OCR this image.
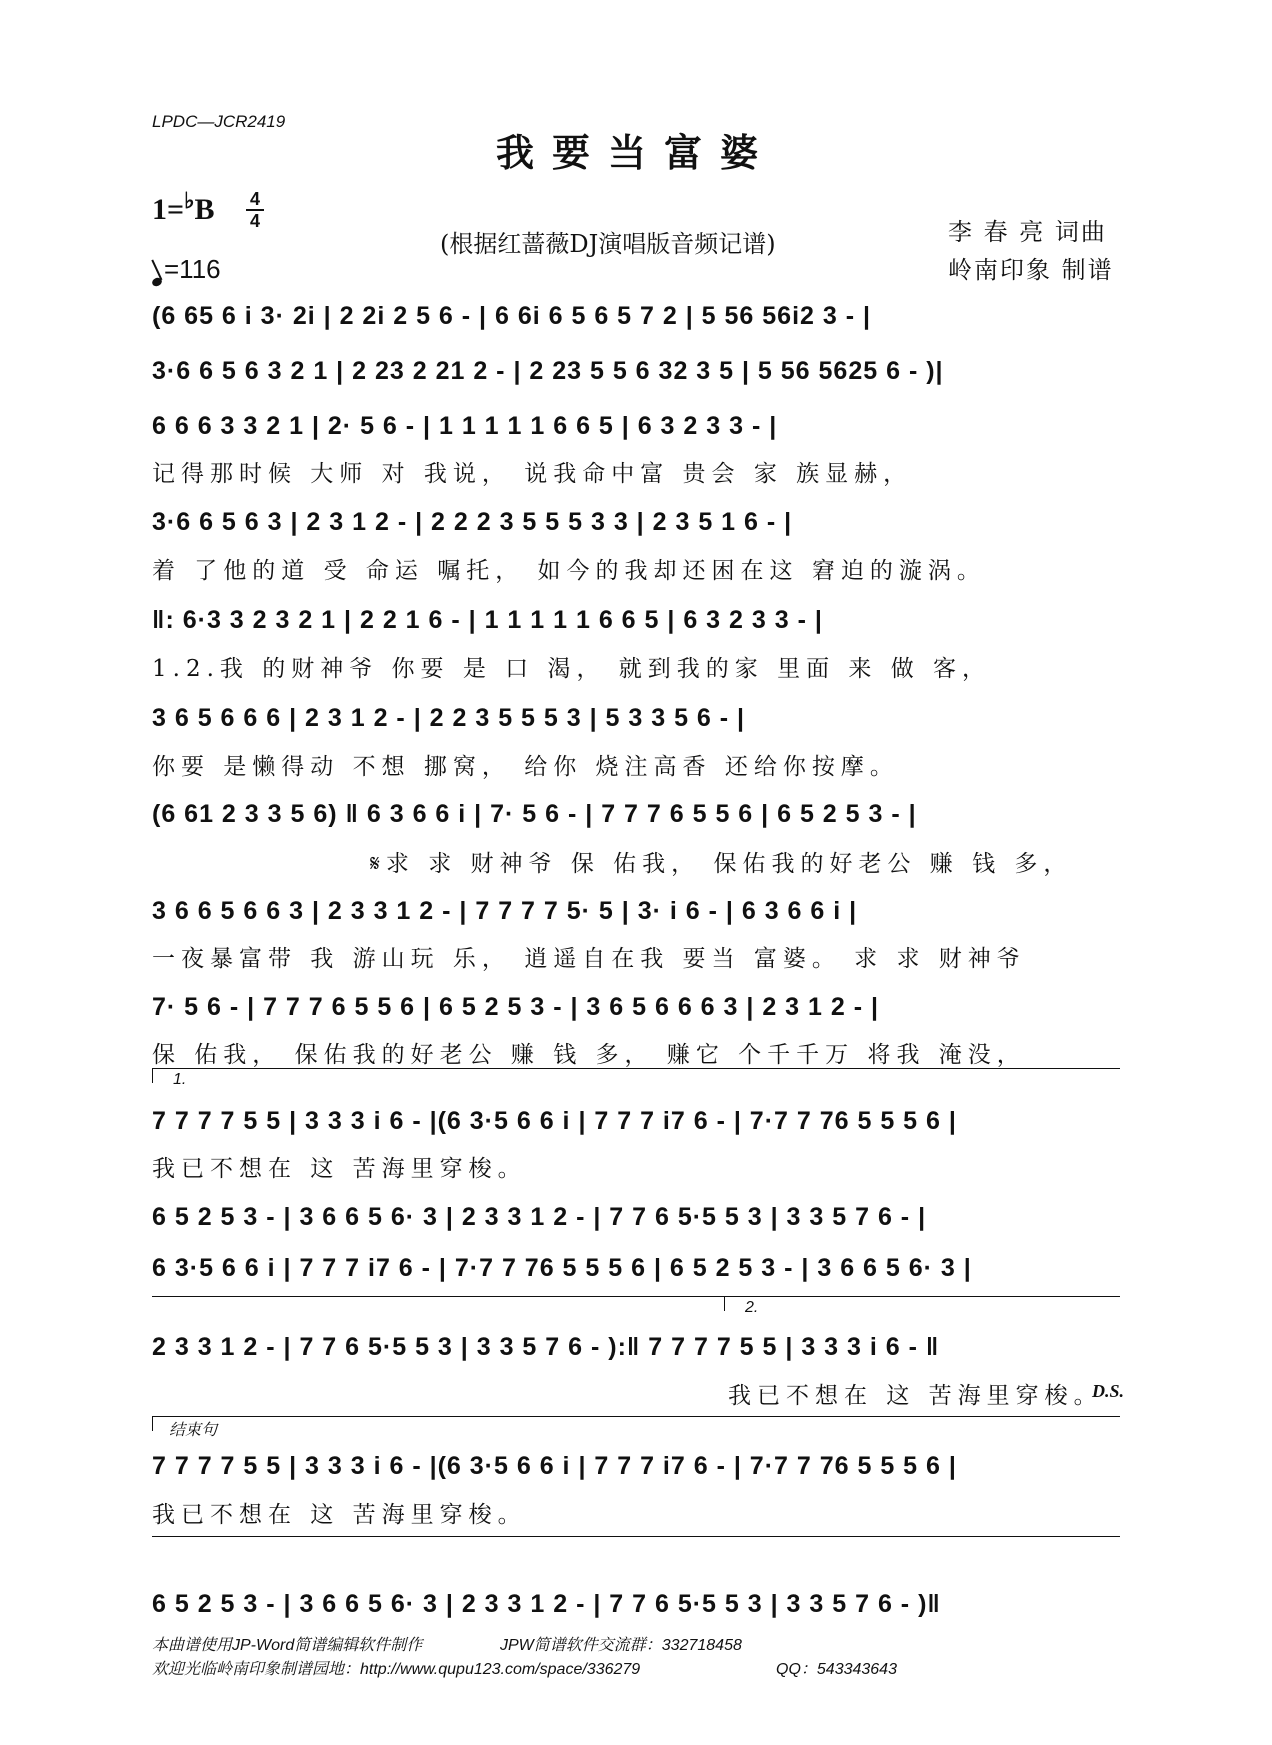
LPDC—JCR2419
我要当富婆
1=♭B 4
4
=116
(根据红蔷薇DJ演唱版音频记谱)	李 春 亮 词曲
岭南印象 制谱
(6 65 6 i 3· 2i | 2 2i 2 5 6 - | 6 6i 6 5 6 5 7 2 | 5 56 56i2 3 - |
3·6 6 5 6 3 2 1 | 2 23 2 21 2 - | 2 23 5 5 6 32 3 5 | 5 56 5625 6 - )|
6 6 6 3 3 2 1 | 2· 5 6 - | 1 1 1 1 1 6 6 5 | 6 3 2 3 3 - |
记得那时候 大师 对 我说， 说我命中富 贵会 家 族显赫，
3·6 6 5 6 3 | 2 3 1 2 - | 2 2 2 3 5 5 5 3 3 | 2 3 5 1 6 - |
着 了他的道 受 命运 嘱托， 如今的我却还困在这 窘迫的漩涡。
‖: 6·3 3 2 3 2 1 | 2 2 1 6 - | 1 1 1 1 1 6 6 5 | 6 3 2 3 3 - |
1.2.我 的财神爷 你要 是 口 渴， 就到我的家 里面 来 做 客，
3 6 5 6 6 6 | 2 3 1 2 - | 2 2 3 5 5 5 3 | 5 3 3 5 6 - |
你要 是懒得动 不想 挪窝， 给你 烧注高香 还给你按摩。
(6 61 2 3 3 5 6) ‖ 6 3 6 6 i | 7· 5 6 - | 7 7 7 6 5 5 6 | 6 5 2 5 3 - |
𝄋求 求 财神爷 保 佑我， 保佑我的好老公 赚 钱 多，
3 6 6 5 6 6 3 | 2 3 3 1 2 - | 7 7 7 7 5· 5 | 3· i 6 - | 6 3 6 6 i |
一夜暴富带 我 游山玩 乐， 逍遥自在我 要当 富婆。 求 求 财神爷
7· 5 6 - | 7 7 7 6 5 5 6 | 6 5 2 5 3 - | 3 6 5 6 6 6 3 | 2 3 1 2 - |
保 佑我， 保佑我的好老公 赚 钱 多， 赚它 个千千万 将我 淹没，
1.
7 7 7 7 5 5 | 3 3 3 i 6 - |(6 3·5 6 6 i | 7 7 7 i7 6 - | 7·7 7 76 5 5 5 6 |
我已不想在 这 苦海里穿梭。
6 5 2 5 3 - | 3 6 6 5 6· 3 | 2 3 3 1 2 - | 7 7 6 5·5 5 3 | 3 3 5 7 6 - |
6 3·5 6 6 i | 7 7 7 i7 6 - | 7·7 7 76 5 5 5 6 | 6 5 2 5 3 - | 3 6 6 5 6· 3 |
2.
2 3 3 1 2 - | 7 7 6 5·5 5 3 | 3 3 5 7 6 - ):‖ 7 7 7 7 5 5 | 3 3 3 i 6 - ‖
我已不想在 这 苦海里穿梭。
D.S.
结束句
7 7 7 7 5 5 | 3 3 3 i 6 - |(6 3·5 6 6 i | 7 7 7 i7 6 - | 7·7 7 76 5 5 5 6 |
我已不想在 这 苦海里穿梭。
6 5 2 5 3 - | 3 6 6 5 6· 3 | 2 3 3 1 2 - | 7 7 6 5·5 5 3 | 3 3 5 7 6 - )‖
本曲谱使用JP-Word简谱编辑软件制作	JPW简谱软件交流群：332718458
欢迎光临岭南印象制谱园地：http://www.qupu123.com/space/336279	QQ：543343643
